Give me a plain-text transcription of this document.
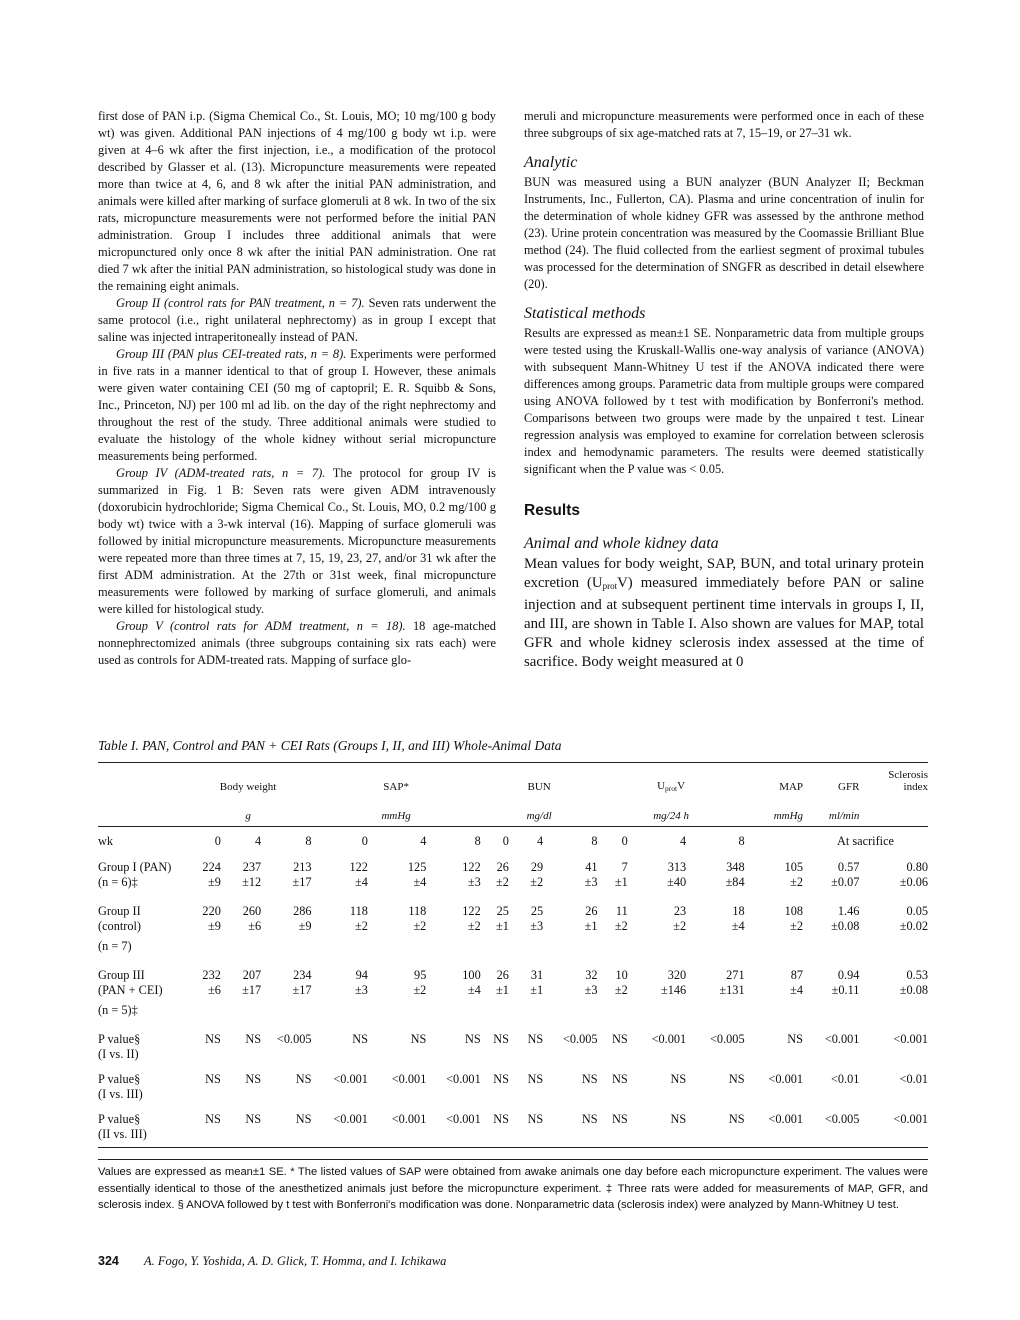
first dose of PAN i.p. (Sigma Chemical Co., St. Louis, MO; 10 mg/100 g body wt) was given. Additional PAN injections of 4 mg/100 g body wt i.p. were given at 4–6 wk after the first injection, i.e., a modification of the protocol described by Glasser et al. (13). Micropuncture measurements were repeated more than twice at 4, 6, and 8 wk after the initial PAN administration, and animals were killed after marking of surface glomeruli at 8 wk. In two of the six rats, micropuncture measurements were not performed before the initial PAN administration. Group I includes three additional animals that were micropunctured only once 8 wk after the initial PAN administration. One rat died 7 wk after the initial PAN administration, so histological study was done in the remaining eight animals.

Group II (control rats for PAN treatment, n = 7). Seven rats underwent the same protocol (i.e., right unilateral nephrectomy) as in group I except that saline was injected intraperitoneally instead of PAN.

Group III (PAN plus CEI-treated rats, n = 8). Experiments were performed in five rats in a manner identical to that of group I. However, these animals were given water containing CEI (50 mg of captopril; E. R. Squibb & Sons, Inc., Princeton, NJ) per 100 ml ad lib. on the day of the right nephrectomy and throughout the rest of the study. Three additional animals were studied to evaluate the histology of the whole kidney without serial micropuncture measurements being performed.

Group IV (ADM-treated rats, n = 7). The protocol for group IV is summarized in Fig. 1 B: Seven rats were given ADM intravenously (doxorubicin hydrochloride; Sigma Chemical Co., St. Louis, MO, 0.2 mg/100 g body wt) twice with a 3-wk interval (16). Mapping of surface glomeruli was followed by initial micropuncture measurements. Micropuncture measurements were repeated more than three times at 7, 15, 19, 23, 27, and/or 31 wk after the first ADM administration. At the 27th or 31st week, final micropuncture measurements were followed by marking of surface glomeruli, and animals were killed for histological study.

Group V (control rats for ADM treatment, n = 18). 18 age-matched nonnephrectomized animals (three subgroups containing six rats each) were used as controls for ADM-treated rats. Mapping of surface glo-

meruli and micropuncture measurements were performed once in each of these three subgroups of six age-matched rats at 7, 15–19, or 27–31 wk.

Analytic

BUN was measured using a BUN analyzer (BUN Analyzer II; Beckman Instruments, Inc., Fullerton, CA). Plasma and urine concentration of inulin for the determination of whole kidney GFR was assessed by the anthrone method (23). Urine protein concentration was measured by the Coomassie Brilliant Blue method (24). The fluid collected from the earliest segment of proximal tubules was processed for the determination of SNGFR as described in detail elsewhere (20).

Statistical methods

Results are expressed as mean±1 SE. Nonparametric data from multiple groups were tested using the Kruskall-Wallis one-way analysis of variance (ANOVA) with subsequent Mann-Whitney U test if the ANOVA indicated there were differences among groups. Parametric data from multiple groups were compared using ANOVA followed by t test with modification by Bonferroni's method. Comparisons between two groups were made by the unpaired t test. Linear regression analysis was employed to examine for correlation between sclerosis index and hemodynamic parameters. The results were deemed statistically significant when the P value was < 0.05.

Results
Animal and whole kidney data

Mean values for body weight, SAP, BUN, and total urinary protein excretion $(U_{prot}V)$ measured immediately before PAN or saline injection and at subsequent pertinent time intervals in groups I, II, and III, are shown in Table I. Also shown are values for MAP, total GFR and whole kidney sclerosis index assessed at the time of sacrifice. Body weight measured at 0

Table I. PAN, Control and PAN + CEI Rats (Groups I, II, and III) Whole-Animal Data
	Body weight			SAP*			BUN			$U_{prot}V$			MAP	GFR	Sclerosis
index
	g			mmHg			mg/dl			mg/24 h			mmHg	ml/min	
wk	0	4	8	0	4	8	0	4	8	0	4	8		At sacrifice	
Group I (PAN)	224	237	213	122	125	122	26	29	41	7	313	348	105	0.57	0.80
(n = 6)‡	±9	±12	±17	±4	±4	±3	±2	±2	±3	±1	±40	±84	±2	±0.07	±0.06

Group II	220	260	286	118	118	122	25	25	26	11	23	18	108	1.46	0.05
(control)	±9	±6	±9	±2	±2	±2	±1	±3	±1	±2	±2	±4	±2	±0.08	±0.02
(n = 7)															

Group III	232	207	234	94	95	100	26	31	32	10	320	271	87	0.94	0.53
(PAN + CEI)	±6	±17	±17	±3	±2	±4	±1	±1	±3	±2	±146	±131	±4	±0.11	±0.08
(n = 5)‡															

P value§	NS	NS	<0.005	NS	NS	NS	NS	NS	<0.005	NS	<0.001	<0.005	NS	<0.001	<0.001
(I vs. II)															
P value§	NS	NS	NS	<0.001	<0.001	<0.001	NS	NS	NS	NS	NS	NS	<0.001	<0.01	<0.01
(I vs. III)															
P value§	NS	NS	NS	<0.001	<0.001	<0.001	NS	NS	NS	NS	NS	NS	<0.001	<0.005	<0.001
(II vs. III)															
Values are expressed as mean±1 SE. * The listed values of SAP were obtained from awake animals one day before each micropuncture experiment. The values were essentially identical to those of the anesthetized animals just before the micropuncture experiment. ‡ Three rats were added for measurements of MAP, GFR, and sclerosis index. § ANOVA followed by t test with Bonferroni's modification was done. Nonparametric data (sclerosis index) were analyzed by Mann-Whitney U test.
324 A. Fogo, Y. Yoshida, A. D. Glick, T. Homma, and I. Ichikawa
